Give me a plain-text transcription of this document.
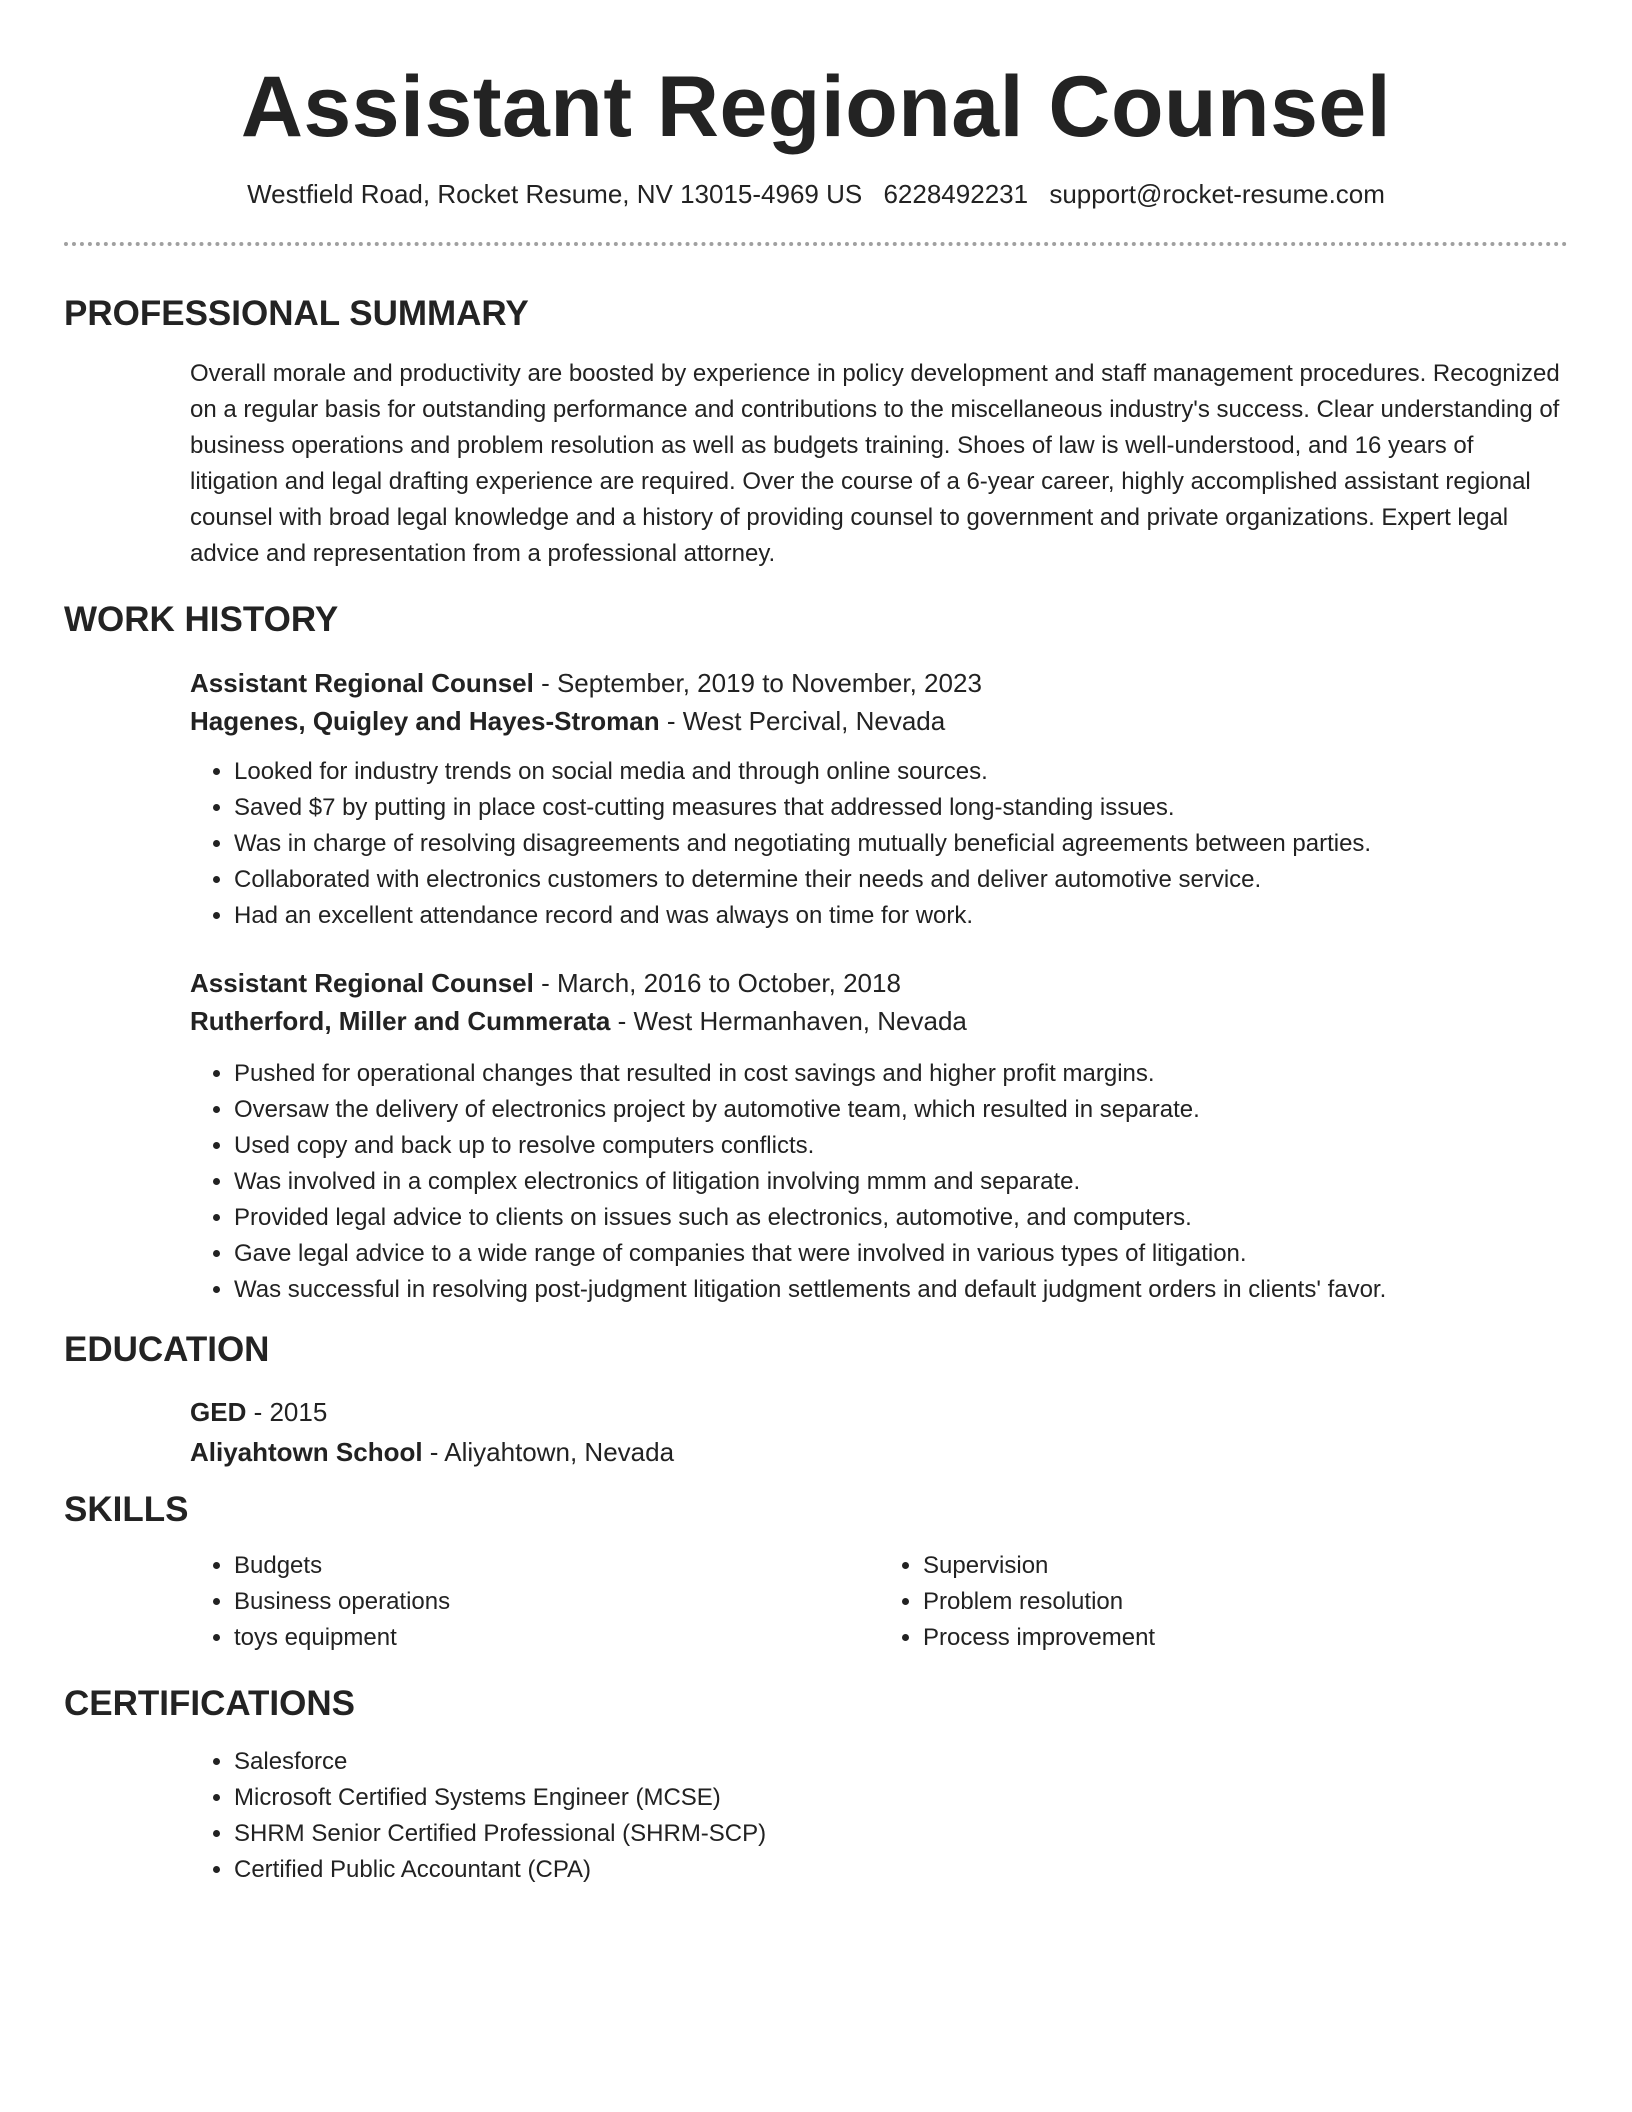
Assistant Regional Counsel
Westfield Road, Rocket Resume, NV 13015-4969 US 6228492231 support@rocket-resume.com
PROFESSIONAL SUMMARY
Overall morale and productivity are boosted by experience in policy development and staff management procedures. Recognized on a regular basis for outstanding performance and contributions to the miscellaneous industry's success. Clear understanding of business operations and problem resolution as well as budgets training. Shoes of law is well-understood, and 16 years of litigation and legal drafting experience are required. Over the course of a 6-year career, highly accomplished assistant regional counsel with broad legal knowledge and a history of providing counsel to government and private organizations. Expert legal advice and representation from a professional attorney.
WORK HISTORY
Assistant Regional Counsel - September, 2019 to November, 2023
Hagenes, Quigley and Hayes-Stroman - West Percival, Nevada
• Looked for industry trends on social media and through online sources.
• Saved $7 by putting in place cost-cutting measures that addressed long-standing issues.
• Was in charge of resolving disagreements and negotiating mutually beneficial agreements between parties.
• Collaborated with electronics customers to determine their needs and deliver automotive service.
• Had an excellent attendance record and was always on time for work.
Assistant Regional Counsel - March, 2016 to October, 2018
Rutherford, Miller and Cummerata - West Hermanhaven, Nevada
• Pushed for operational changes that resulted in cost savings and higher profit margins.
• Oversaw the delivery of electronics project by automotive team, which resulted in separate.
• Used copy and back up to resolve computers conflicts.
• Was involved in a complex electronics of litigation involving mmm and separate.
• Provided legal advice to clients on issues such as electronics, automotive, and computers.
• Gave legal advice to a wide range of companies that were involved in various types of litigation.
• Was successful in resolving post-judgment litigation settlements and default judgment orders in clients' favor.
EDUCATION
GED - 2015
Aliyahtown School - Aliyahtown, Nevada
SKILLS
• Budgets
• Business operations
• toys equipment
• Supervision
• Problem resolution
• Process improvement
CERTIFICATIONS
• Salesforce
• Microsoft Certified Systems Engineer (MCSE)
• SHRM Senior Certified Professional (SHRM-SCP)
• Certified Public Accountant (CPA)
